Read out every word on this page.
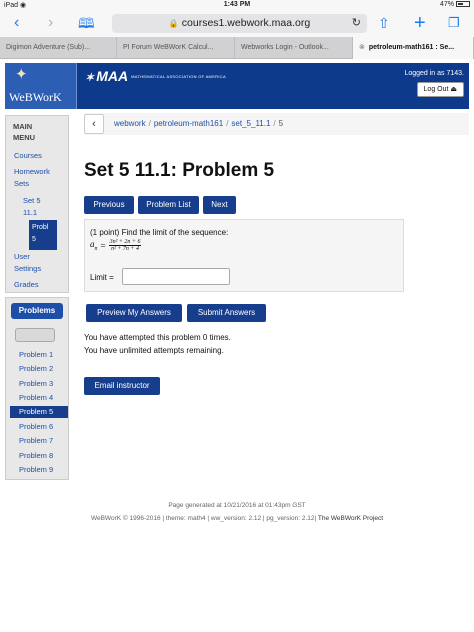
iPad ◉	1:43 PM	47%
‹ › 🕮	🔒 courses1.webwork.maa.org	↻ ⇧ + ❐
Digimon Adventure (Sub)...	PI Forum WeBWorK Calcul...	Webworks Login - Outlook...	⊗ petroleum-math161 : Se...
✦
WeBWorK
✶ MAA $^{MATHEMATICAL ASSOCIATION OF AMERICA}$	Logged in as 7143.
Log Out ⏏
MAIN
MENU
Courses
Homework
Sets
Set 5
11.1
Probl
5
User
Settings
Grades
Problems
Problem 1
Problem 2
Problem 3
Problem 4
Problem 5
Problem 6
Problem 7
Problem 8
Problem 9
‹	webwork / petroleum-math161 / set_5_11.1 / 5
Set 5 11.1: Problem 5
Previous	Problem List	Next
(1 point) Find the limit of the sequence:
$a_n = \frac{\text{3n² + 2n + 6}}{\text{n² + 7n + 4}}$
Limit =
Preview My Answers	Submit Answers
You have attempted this problem 0 times.
You have unlimited attempts remaining.
Email instructor
Page generated at 10/21/2016 at 01:43pm GST
WeBWorK © 1996-2016 | theme: math4 | ww_version: 2.12 | pg_version: 2.12| The WeBWorK Project
